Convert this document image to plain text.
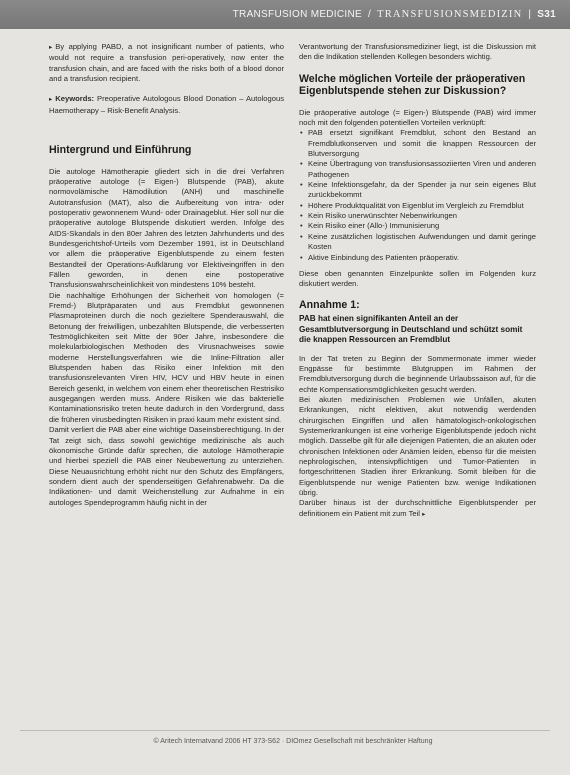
TRANSFUSION MEDICINE / TRANSFUSIONSMEDIZIN | S31

▸ By applying PABD, a not insignificant number of patients, who would not require a transfusion peri-operatively, now enter the transfusion chain, and are faced with the risks both of a blood donor and a transfusion recipient.

▸ Keywords: Preoperative Autologous Blood Donation – Autologous Haemotherapy – Risk-Benefit Analysis.

Hintergrund und Einführung

Die autologe Hämotherapie gliedert sich in die drei Verfahren präoperative autologe (= Eigen-) Blutspende (PAB), akute normovolämische Hämodilution (ANH) und maschinelle Autotransfusion (MAT), also die Aufbereitung von intra- oder postoperativ gewonnenem Wund- oder Drainageblut. Hier soll nur die präoperative autologe Blutspende diskutiert werden. Infolge des AIDS-Skandals in den 80er Jahren des letzten Jahrhunderts und des Bundesgerichtshof-Urteils vom Dezember 1991, ist in Deutschland vor allem die präoperative Eigenblutspende zu einem festen Bestandteil der Operations-Aufklärung vor Elektiveingriffen in den Fällen geworden, in denen eine postoperative Transfusionswahrscheinlichkeit von mindestens 10% besteht.

Die nachhaltige Erhöhungen der Sicherheit von homologen (= Fremd-) Blutpräparaten und aus Fremdblut gewonnenen Plasmaproteinen durch die noch gezieltere Spenderauswahl, die Betonung der freiwilligen, unbezahlten Blutspende, die verbesserten Testmöglichkeiten seit Mitte der 90er Jahre, insbesondere die molekularbiologischen Methoden des Virusnachweises sowie moderne Herstellungsverfahren wie die Inline-Filtration aller Blutspenden haben das Risiko einer Infektion mit den transfusionsrelevanten Viren HIV, HCV und HBV heute in einen Bereich gesenkt, in welchem von einem eher theoretischen Restrisiko ausgegangen werden muss. Andere Risiken wie das bakterielle Kontaminationsrisiko treten heute dadurch in den Vordergrund, dass die früheren virusbedingten Risiken in praxi kaum mehr existent sind.

Damit verliert die PAB aber eine wichtige Daseinsberechtigung. In der Tat zeigt sich, dass sowohl gewichtige medizinische als auch ökonomische Gründe dafür sprechen, die autologe Hämotherapie und hierbei speziell die PAB einer Neubewertung zu unterziehen. Diese Neuausrichtung erhöht nicht nur den Schutz des Empfängers, sondern dient auch der spenderseitigen Gefahrenabwehr. Da die Indikationen- und damit Weichenstellung zur Aufnahme in ein autologes Spendeprogramm häufig nicht in der

Verantwortung der Transfusionsmediziner liegt, ist die Diskussion mit den die Indikation stellenden Kollegen besonders wichtig.

Welche möglichen Vorteile der präoperativen Eigenblutspende stehen zur Diskussion?

Die präoperative autologe (= Eigen-) Blutspende (PAB) wird immer noch mit den folgenden potentiellen Vorteilen verknüpft:

• PAB ersetzt signifikant Fremdblut, schont den Bestand an Fremdblutkonserven und somit die knappen Ressourcen der Blutversorgung
• Keine Übertragung von transfusionsassoziierten Viren und anderen Pathogenen
• Keine Infektionsgefahr, da der Spender ja nur sein eigenes Blut zurückbekommt
• Höhere Produktqualität von Eigenblut im Vergleich zu Fremdblut
• Kein Risiko unerwünschter Nebenwirkungen
• Kein Risiko einer (Allo-) Immunisierung
• Keine zusätzlichen logistischen Aufwendungen und damit geringe Kosten
• Aktive Einbindung des Patienten präoperativ.

Diese oben genannten Einzelpunkte sollen im Folgenden kurz diskutiert werden.

Annahme 1:
PAB hat einen signifikanten Anteil an der Gesamtblutversorgung in Deutschland und schützt somit die knappen Ressourcen an Fremdblut

In der Tat treten zu Beginn der Sommermonate immer wieder Engpässe für bestimmte Blutgruppen im Rahmen der Fremdblutversorgung durch die beginnende Urlaubssaison auf, für die echte Kompensationsmöglichkeiten gesucht werden.

Bei akuten medizinischen Problemen wie Unfällen, akuten Erkrankungen, nicht elektiven, akut notwendig werdenden chirurgischen Eingriffen und allen hämatologisch-onkologischen Systemerkrankungen ist eine vorherige Eigenblutspende jedoch nicht möglich. Dasselbe gilt für alle diejenigen Patienten, die an akuten oder chronischen Infektionen oder Anämien leiden, ebenso für die meisten nephrologischen, intensivpflichtigen und Tumor-Patienten in fortgeschrittenen Stadien ihrer Erkrankung. Somit bleiben für die Eigenblutspende nur wenige Patienten bzw. wenige Indikationen übrig.

Darüber hinaus ist der durchschnittliche Eigenblutspender per definitionem ein Patient mit zum Teil ▸

© Aritech Internatvand 2006 HT 373-S62 · DIOmez Gesellschaft mit beschränkter Haftung
